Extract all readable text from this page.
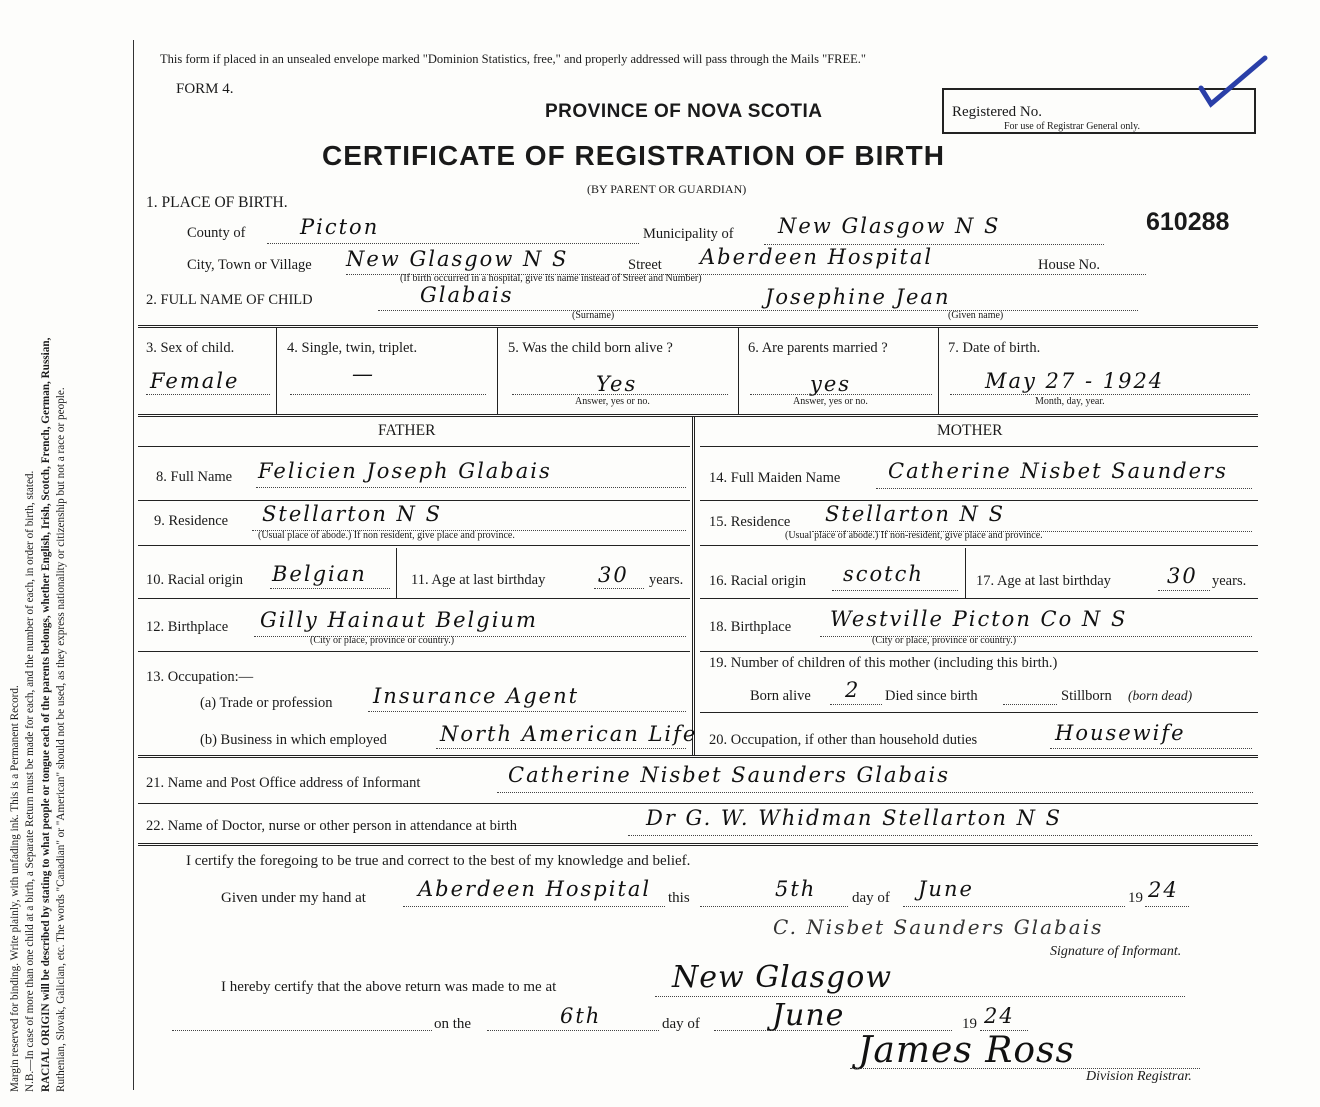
Margin reserved for binding. Write plainly, with unfading ink. This is a Permanent Record. N.B.—In case of more than one child at a birth, a Separate Return must be made for each, and the number of each, in order of birth, stated. RACIAL ORIGIN will be described by stating to what people or tongue each of the parents belongs, whether English, Irish, Scotch, French, German, Russian, Ruthenian, Slovak, Galician, etc. The words "Canadian" or "American" should not be used, as they express nationality or citizenship but not a race or people.
This form if placed in an unsealed envelope marked "Dominion Statistics, free," and properly addressed will pass through the Mails "FREE."
FORM 4.
PROVINCE OF NOVA SCOTIA
CERTIFICATE OF REGISTRATION OF BIRTH
(BY PARENT OR GUARDIAN)
Registered No.
For use of Registrar General only.
610288
1. PLACE OF BIRTH.
County of	Picton	Municipality of New Glasgow N S
City, Town or Village New Glasgow N S	Street Aberdeen Hospital	House No.
(If birth occurred in a hospital, give its name instead of Street and Number)
2. FULL NAME OF CHILD	Glabais	Josephine Jean
(Surname)	(Given name)
3. Sex of child.
Female
4. Single, twin, triplet.
—
5. Was the child born alive ?
Yes
Answer, yes or no.
6. Are parents married ?
yes
Answer, yes or no.
7. Date of birth.
May 27 - 1924
Month, day, year.
FATHER	MOTHER
8. Full Name Felicien Joseph Glabais
9. Residence Stellarton N S
(Usual place of abode.) If non resident, give place and province.
10. Racial origin Belgian	11. Age at last birthday	30 years.
12. Birthplace Gilly Hainaut Belgium
(City or place, province or country.)
13. Occupation:—
(a) Trade or profession Insurance Agent
(b) Business in which employed	North American Life
14. Full Maiden Name Catherine Nisbet Saunders
15. Residence Stellarton N S
(Usual place of abode.) If non-resident, give place and province.
16. Racial origin scotch	17. Age at last birthday	30 years.
18. Birthplace Westville Picton Co N S
(City or place, province or country.)
19. Number of children of this mother (including this birth.)
Born alive 2 Died since birth	Stillborn (born dead)
20. Occupation, if other than household duties	Housewife
21. Name and Post Office address of Informant	Catherine Nisbet Saunders Glabais
22. Name of Doctor, nurse or other person in attendance at birth	Dr G. W. Whidman Stellarton N S
I certify the foregoing to be true and correct to the best of my knowledge and belief.
Given under my hand at Aberdeen Hospital this	5th day of June	19 24
C. Nisbet Saunders Glabais
Signature of Informant.
I hereby certify that the above return was made to me at	New Glasgow
on the	6th	day of June	19 24
James Ross
Division Registrar.
